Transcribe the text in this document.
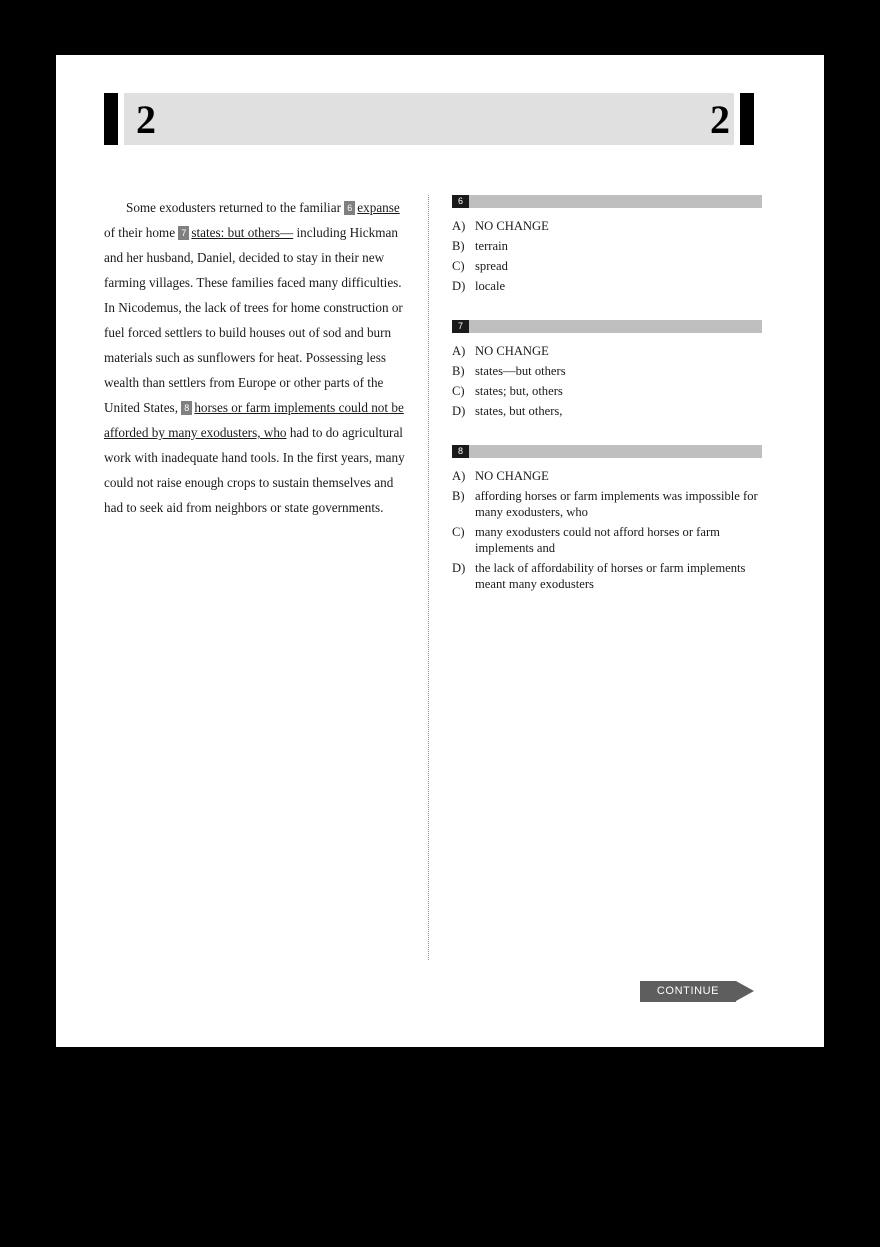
2	2

Some exodusters returned to the familiar 6 expanse of their home 7 states: but others— including Hickman and her husband, Daniel, decided to stay in their new farming villages. These families faced many difficulties. In Nicodemus, the lack of trees for home construction or fuel forced settlers to build houses out of sod and burn materials such as sunflowers for heat. Possessing less wealth than settlers from Europe or other parts of the United States, 8 horses or farm implements could not be afforded by many exodusters, who had to do agricultural work with inadequate hand tools. In the first years, many could not raise enough crops to sustain themselves and had to seek aid from neighbors or state governments.

6
A) NO CHANGE
B) terrain
C) spread
D) locale
7
A) NO CHANGE
B) states—but others
C) states; but, others
D) states, but others,
8
A) NO CHANGE
B) affording horses or farm implements was impossible for many exodusters, who
C) many exodusters could not afford horses or farm implements and
D) the lack of affordability of horses or farm implements meant many exodusters
CONTINUE
